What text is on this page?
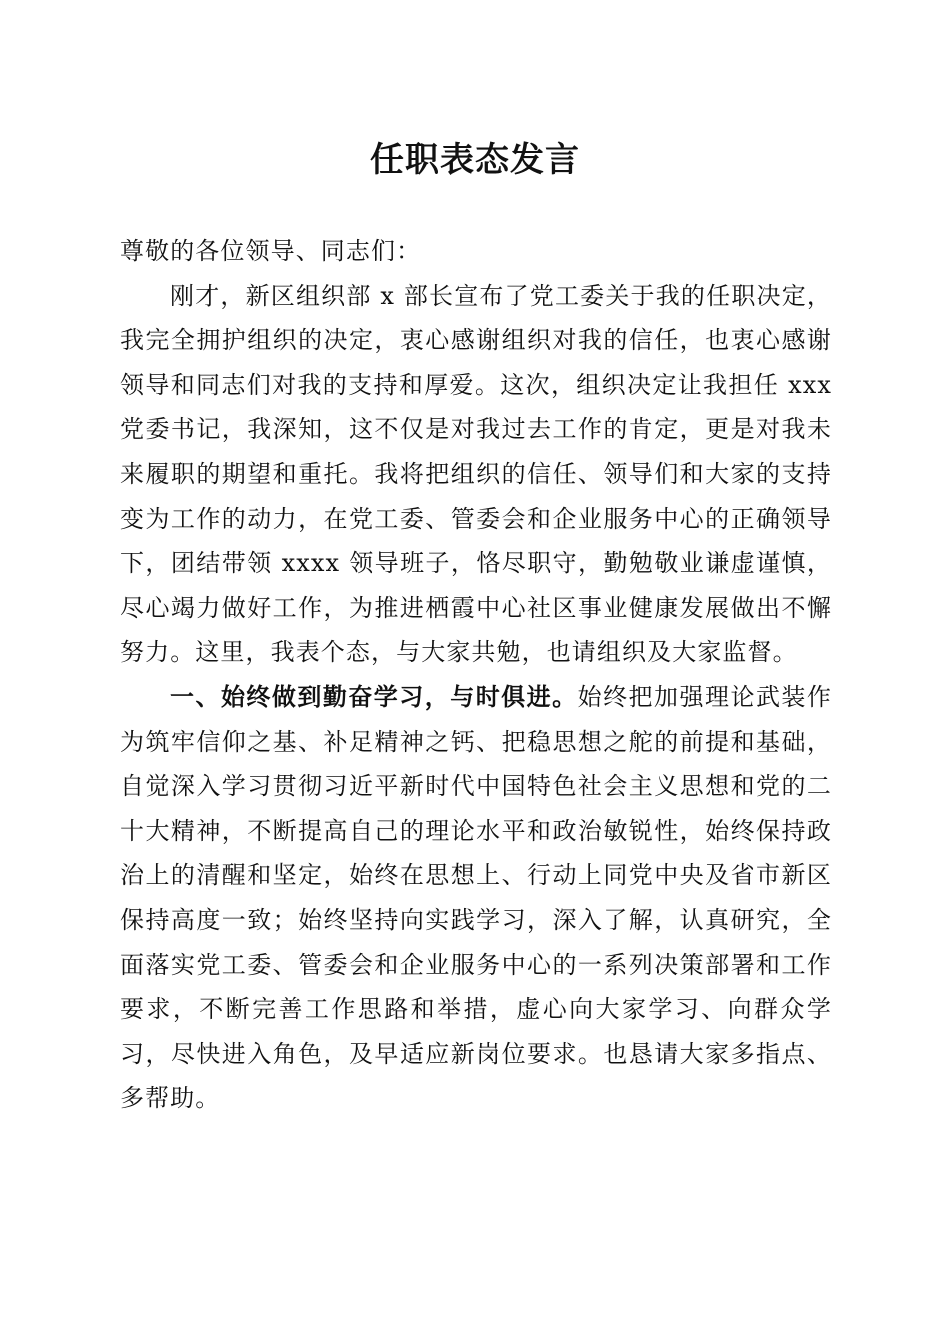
任职表态发言

尊敬的各位领导、同志们：

刚才，新区组织部 x 部长宣布了党工委关于我的任职决定，我完全拥护组织的决定，衷心感谢组织对我的信任，也衷心感谢领导和同志们对我的支持和厚爱。这次，组织决定让我担任 xxx 党委书记，我深知，这不仅是对我过去工作的肯定，更是对我未来履职的期望和重托。我将把组织的信任、领导们和大家的支持变为工作的动力，在党工委、管委会和企业服务中心的正确领导下，团结带领 xxxx 领导班子，恪尽职守，勤勉敬业谦虚谨慎，尽心竭力做好工作，为推进栖霞中心社区事业健康发展做出不懈努力。这里，我表个态，与大家共勉，也请组织及大家监督。

一、始终做到勤奋学习，与时俱进。始终把加强理论武装作为筑牢信仰之基、补足精神之钙、把稳思想之舵的前提和基础，自觉深入学习贯彻习近平新时代中国特色社会主义思想和党的二十大精神，不断提高自己的理论水平和政治敏锐性，始终保持政治上的清醒和坚定，始终在思想上、行动上同党中央及省市新区保持高度一致；始终坚持向实践学习，深入了解，认真研究，全面落实党工委、管委会和企业服务中心的一系列决策部署和工作要求，不断完善工作思路和举措，虚心向大家学习、向群众学习，尽快进入角色，及早适应新岗位要求。也恳请大家多指点、多帮助。
